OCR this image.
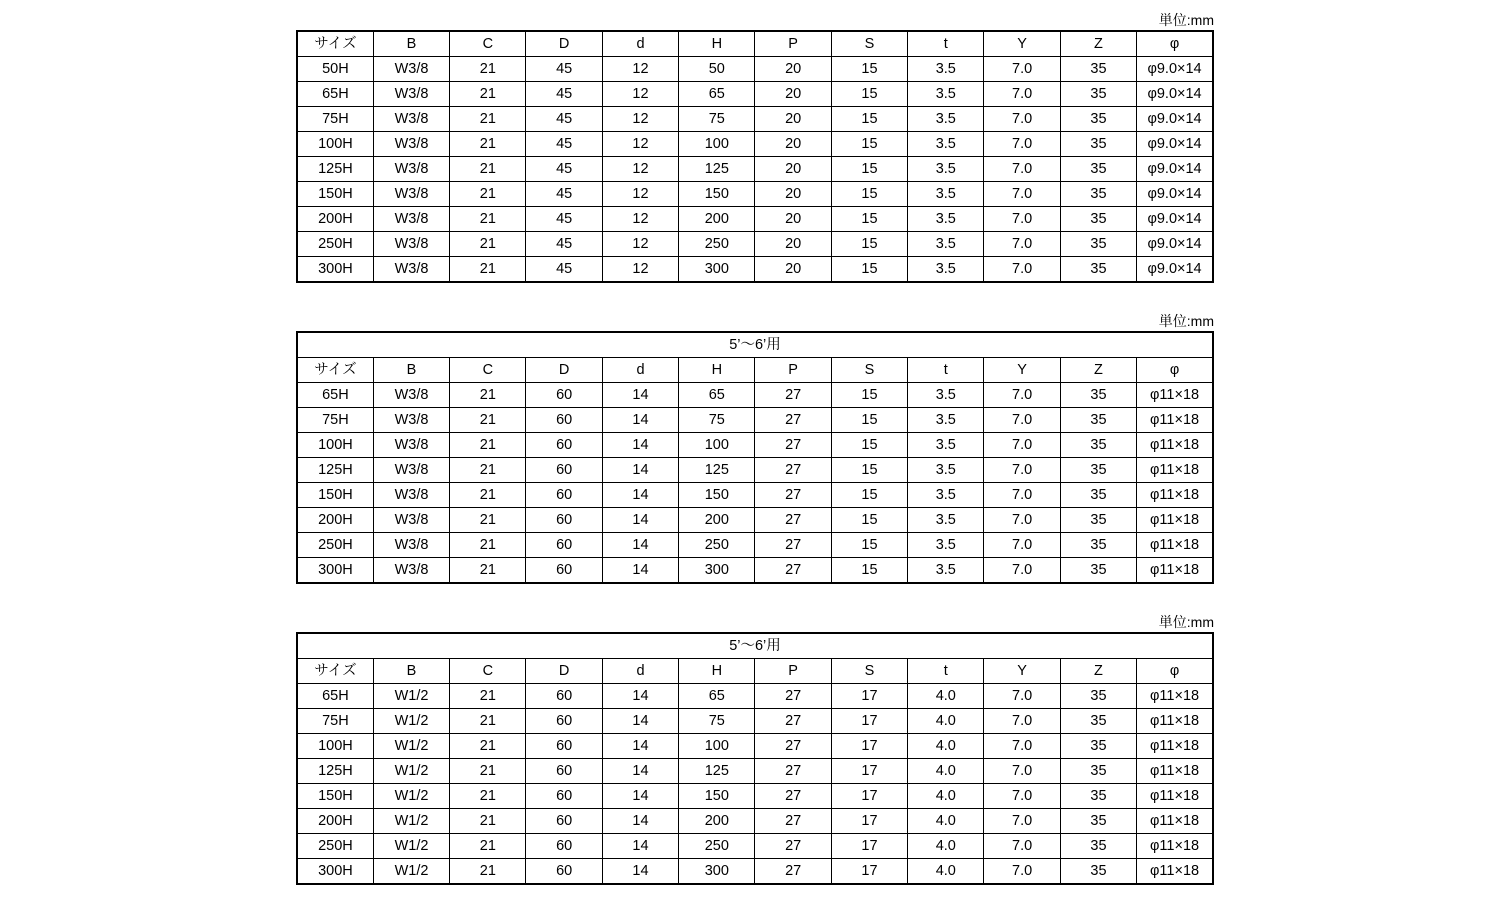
単位:mm
サイズ	B	C	D	d	H	P	S	t	Y	Z	φ
50H	W3/8	21	45	12	50	20	15	3.5	7.0	35	φ9.0×14
65H	W3/8	21	45	12	65	20	15	3.5	7.0	35	φ9.0×14
75H	W3/8	21	45	12	75	20	15	3.5	7.0	35	φ9.0×14
100H	W3/8	21	45	12	100	20	15	3.5	7.0	35	φ9.0×14
125H	W3/8	21	45	12	125	20	15	3.5	7.0	35	φ9.0×14
150H	W3/8	21	45	12	150	20	15	3.5	7.0	35	φ9.0×14
200H	W3/8	21	45	12	200	20	15	3.5	7.0	35	φ9.0×14
250H	W3/8	21	45	12	250	20	15	3.5	7.0	35	φ9.0×14
300H	W3/8	21	45	12	300	20	15	3.5	7.0	35	φ9.0×14
単位:mm
5’～6’用											
サイズ	B	C	D	d	H	P	S	t	Y	Z	φ
65H	W3/8	21	60	14	65	27	15	3.5	7.0	35	φ11×18
75H	W3/8	21	60	14	75	27	15	3.5	7.0	35	φ11×18
100H	W3/8	21	60	14	100	27	15	3.5	7.0	35	φ11×18
125H	W3/8	21	60	14	125	27	15	3.5	7.0	35	φ11×18
150H	W3/8	21	60	14	150	27	15	3.5	7.0	35	φ11×18
200H	W3/8	21	60	14	200	27	15	3.5	7.0	35	φ11×18
250H	W3/8	21	60	14	250	27	15	3.5	7.0	35	φ11×18
300H	W3/8	21	60	14	300	27	15	3.5	7.0	35	φ11×18
単位:mm
5’～6’用											
サイズ	B	C	D	d	H	P	S	t	Y	Z	φ
65H	W1/2	21	60	14	65	27	17	4.0	7.0	35	φ11×18
75H	W1/2	21	60	14	75	27	17	4.0	7.0	35	φ11×18
100H	W1/2	21	60	14	100	27	17	4.0	7.0	35	φ11×18
125H	W1/2	21	60	14	125	27	17	4.0	7.0	35	φ11×18
150H	W1/2	21	60	14	150	27	17	4.0	7.0	35	φ11×18
200H	W1/2	21	60	14	200	27	17	4.0	7.0	35	φ11×18
250H	W1/2	21	60	14	250	27	17	4.0	7.0	35	φ11×18
300H	W1/2	21	60	14	300	27	17	4.0	7.0	35	φ11×18
